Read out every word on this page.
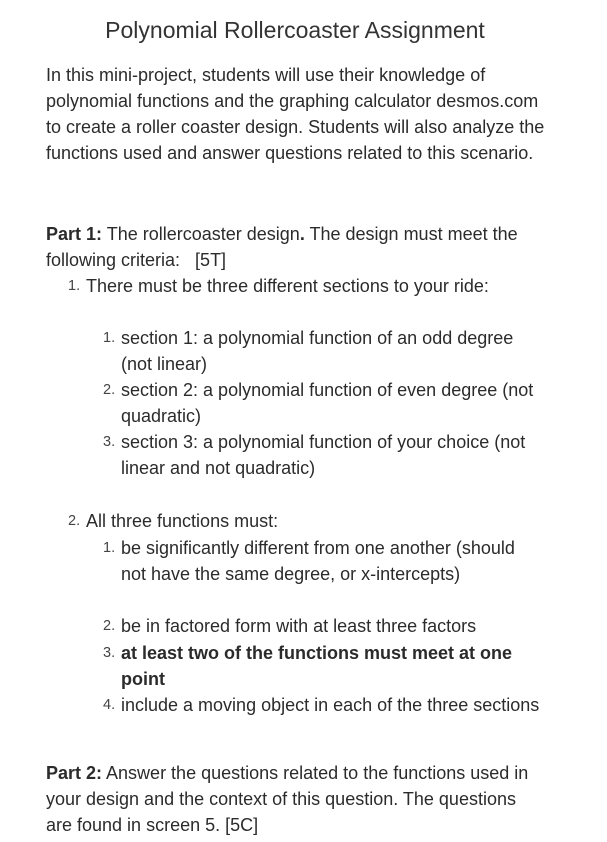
Polynomial Rollercoaster Assignment

In this mini-project, students will use their knowledge of polynomial functions and the graphing calculator desmos.com to create a roller coaster design. Students will also analyze the functions used and answer questions related to this scenario.

Part 1: The rollercoaster design. The design must meet the following criteria:   [5T]

1. There must be three different sections to your ride:

1. section 1: a polynomial function of an odd degree (not linear)

2. section 2: a polynomial function of even degree (not quadratic)

3. section 3: a polynomial function of your choice (not linear and not quadratic)

2. All three functions must:

1. be significantly different from one another (should not have the same degree, or x-intercepts)

2. be in factored form with at least three factors

3. at least two of the functions must meet at one point

4. include a moving object in each of the three sections

Part 2: Answer the questions related to the functions used in your design and the context of this question. The questions are found in screen 5. [5C]
